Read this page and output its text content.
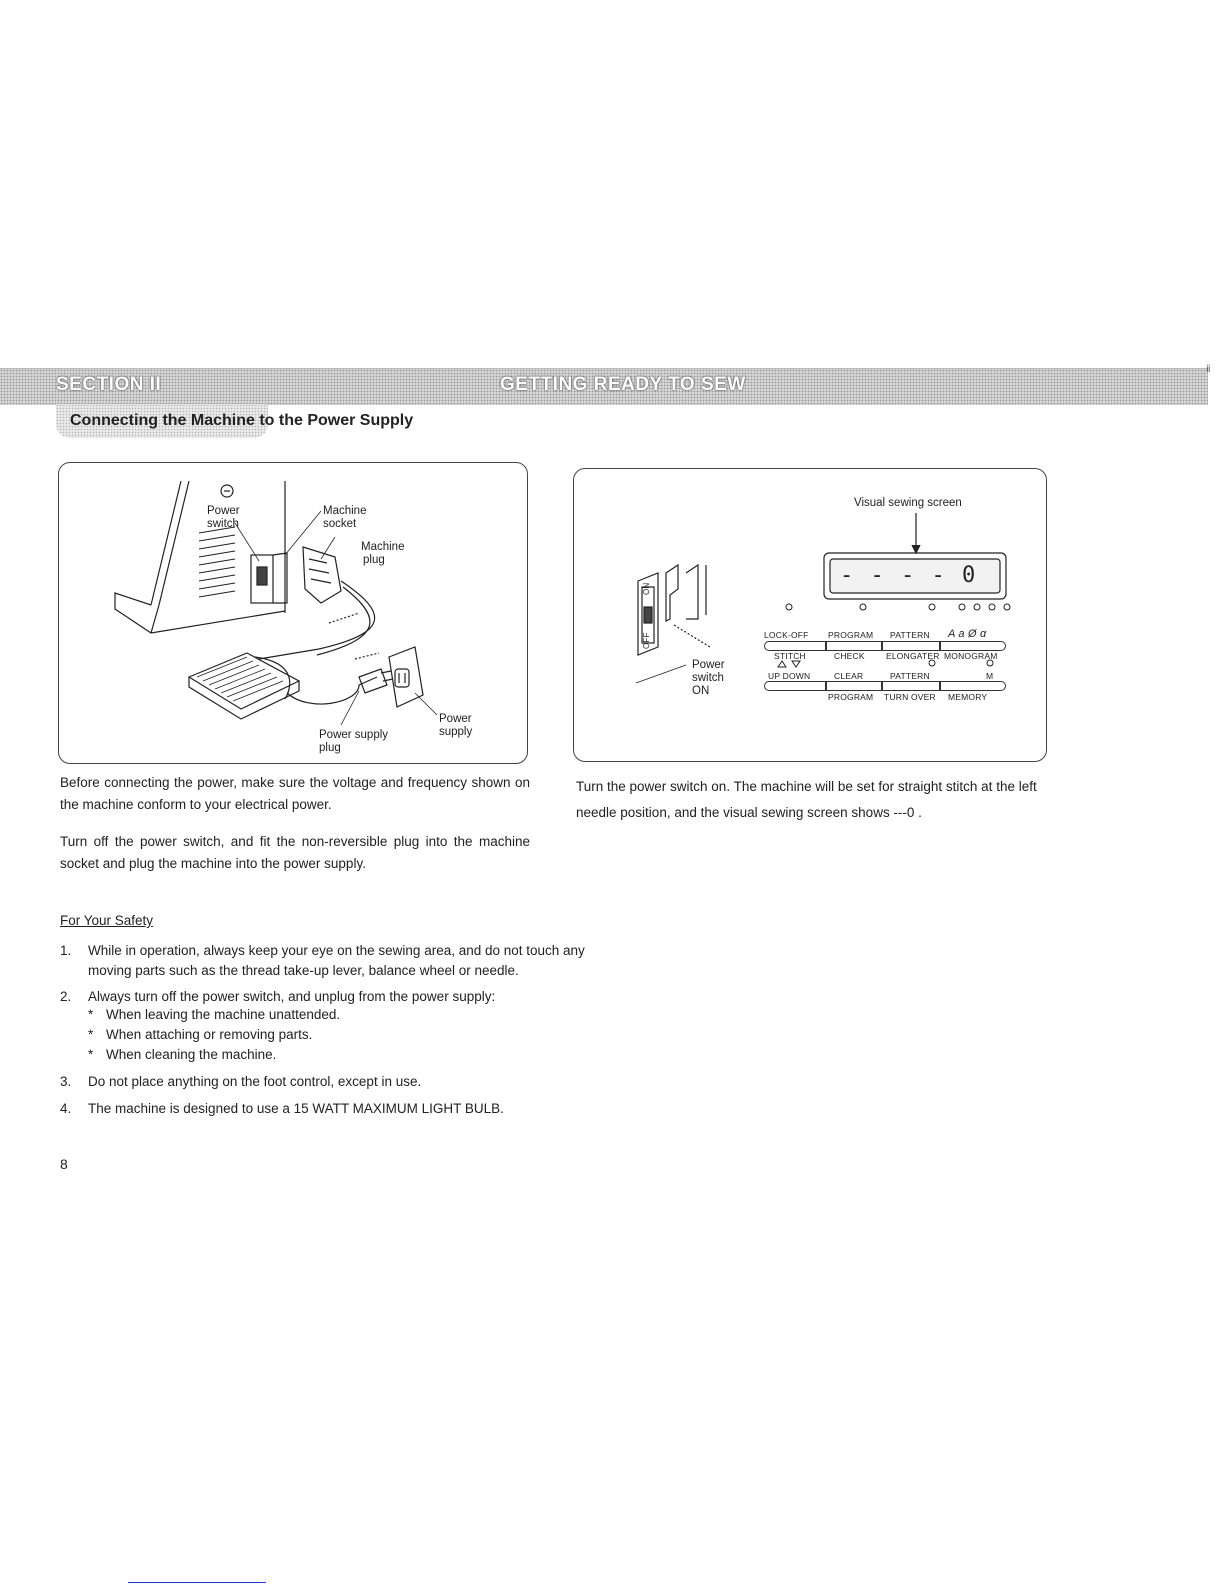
SECTION II	GETTING READY TO SEW
ⅱ
Connecting the Machine to the Power Supply
Power
switch
Machine
socket
Machine
plug
Power supply
plug
Power
supply
Visual sewing screen
- - - - 0
ON
OFF
Power
switch
ON
LOCK-OFF PROGRAM PATTERN A a Ø α
STITCH	CHECK ELONGATER MONOGRAM
UP DOWN	CLEAR	PATTERN	M
PROGRAM TURN OVER MEMORY
Before connecting the power, make sure the voltage and frequency shown on the machine conform to your electrical power.
Turn off the power switch, and fit the non-reversible plug into the machine socket and plug the machine into the power supply.
Turn the power switch on. The machine will be set for straight stitch at the left needle position, and the visual sewing screen shows ---0 .
For Your Safety
1. While in operation, always keep your eye on the sewing area, and do not touch any
moving parts such as the thread take-up lever, balance wheel or needle.
2. Always turn off the power switch, and unplug from the power supply:
* When leaving the machine unattended.
* When attaching or removing parts.
* When cleaning the machine.
3. Do not place anything on the foot control, except in use.
4. The machine is designed to use a 15 WATT MAXIMUM LIGHT BULB.
8
